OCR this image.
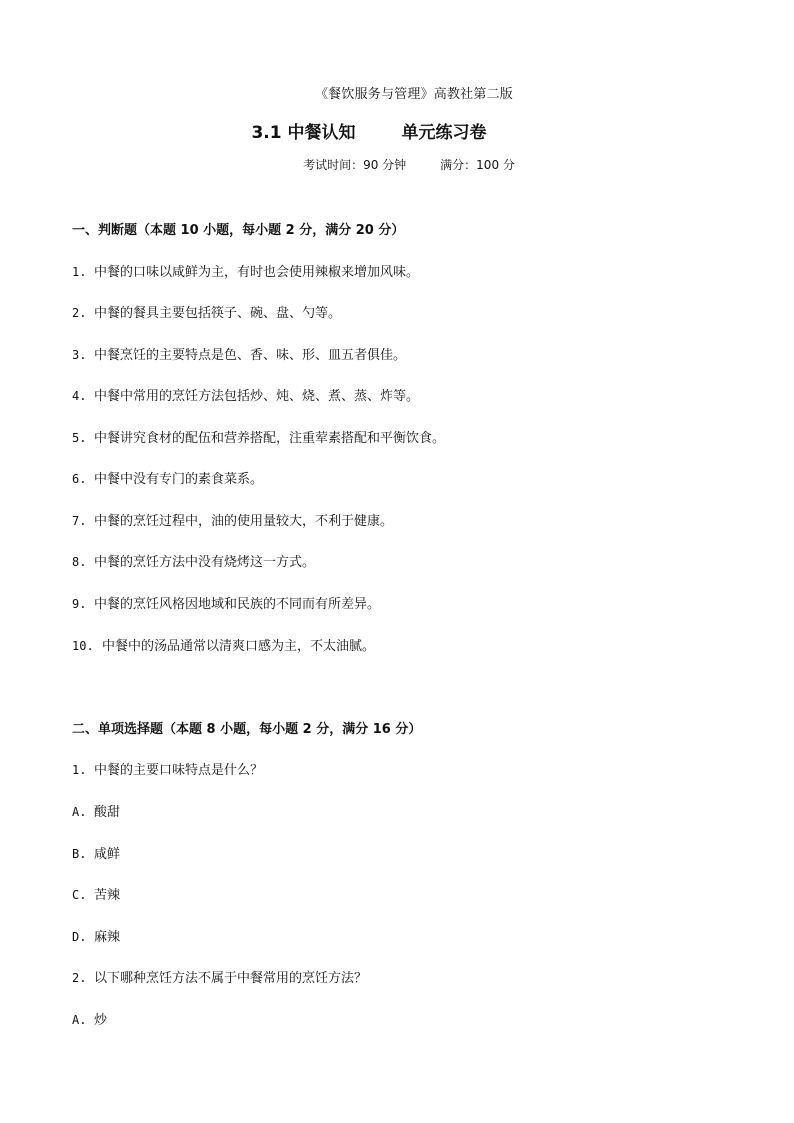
《餐饮服务与管理》高教社第二版
3.1 中餐认知	单元练习卷
考试时间：90 分钟	满分：100 分
一、判断题（本题 10 小题，每小题 2 分，满分 20 分）
1. 中餐的口味以咸鲜为主，有时也会使用辣椒来增加风味。
2. 中餐的餐具主要包括筷子、碗、盘、勺等。
3. 中餐烹饪的主要特点是色、香、味、形、皿五者俱佳。
4. 中餐中常用的烹饪方法包括炒、炖、烧、煮、蒸、炸等。
5. 中餐讲究食材的配伍和营养搭配，注重荤素搭配和平衡饮食。
6. 中餐中没有专门的素食菜系。
7. 中餐的烹饪过程中，油的使用量较大，不利于健康。
8. 中餐的烹饪方法中没有烧烤这一方式。
9. 中餐的烹饪风格因地域和民族的不同而有所差异。
10. 中餐中的汤品通常以清爽口感为主，不太油腻。
二、单项选择题（本题 8 小题，每小题 2 分，满分 16 分）
1. 中餐的主要口味特点是什么？
A. 酸甜
B. 咸鲜
C. 苦辣
D. 麻辣
2. 以下哪种烹饪方法不属于中餐常用的烹饪方法？
A. 炒
